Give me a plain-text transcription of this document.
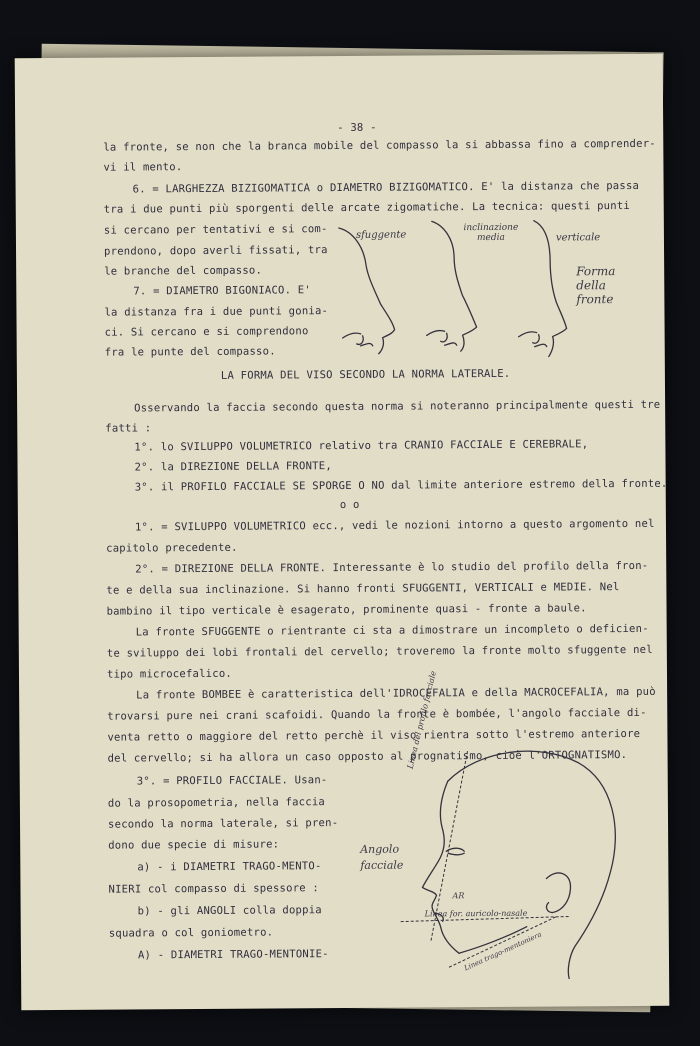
- 38 -
la fronte, se non che la branca mobile del compasso la si abbassa fino a comprender-
vi il mento.
6. = LARGHEZZA BIZIGOMATICA o DIAMETRO BIZIGOMATICO. E' la distanza che passa
tra i due punti più sporgenti delle arcate zigomatiche. La tecnica: questi punti
si cercano per tentativi e si com-
prendono, dopo averli fissati, tra
le branche del compasso.
7. = DIAMETRO BIGONIACO. E'
la distanza fra i due punti gonia-
ci. Si cercano e si comprendono
fra le punte del compasso.
sfuggente
inclinazione media	verticale
Forma della fronte
LA FORMA DEL VISO SECONDO LA NORMA LATERALE.
Osservando la faccia secondo questa norma si noteranno principalmente questi tre
fatti :
1°. lo SVILUPPO VOLUMETRICO relativo tra CRANIO FACCIALE E CEREBRALE,
2°. la DIREZIONE DELLA FRONTE,
3°. il PROFILO FACCIALE SE SPORGE O NO dal limite anteriore estremo della fronte.
o o
1°. = SVILUPPO VOLUMETRICO ecc., vedi le nozioni intorno a questo argomento nel
capitolo precedente.
2°. = DIREZIONE DELLA FRONTE. Interessante è lo studio del profilo della fron-
te e della sua inclinazione. Si hanno fronti SFUGGENTI, VERTICALI e MEDIE. Nel
bambino il tipo verticale è esagerato, prominente quasi - fronte a baule.
La fronte SFUGGENTE o rientrante ci sta a dimostrare un incompleto o deficien-
te sviluppo dei lobi frontali del cervello; troveremo la fronte molto sfuggente nel
tipo microcefalico.
La fronte BOMBEE è caratteristica dell'IDROCEFALIA e della MACROCEFALIA, ma può
trovarsi pure nei crani scafoidi. Quando la fronte è bombée, l'angolo facciale di-
venta retto o maggiore del retto perchè il viso rientra sotto l'estremo anteriore
del cervello; si ha allora un caso opposto al prognatismo, cioè l'ORTOGNATISMO.
3°. = PROFILO FACCIALE. Usan-
do la prosopometria, nella faccia
secondo la norma laterale, si pren-
dono due specie di misure:
a) - i DIAMETRI TRAGO-MENTO-
NIERI col compasso di spessore :
b) - gli ANGOLI colla doppia
squadra o col goniometro.
A) - DIAMETRI TRAGO-MENTONIE-
Angolo facciale
Linea del profilo facciale
Linea for. auricolo-nasale
AR
Linea trago-mentoniera
